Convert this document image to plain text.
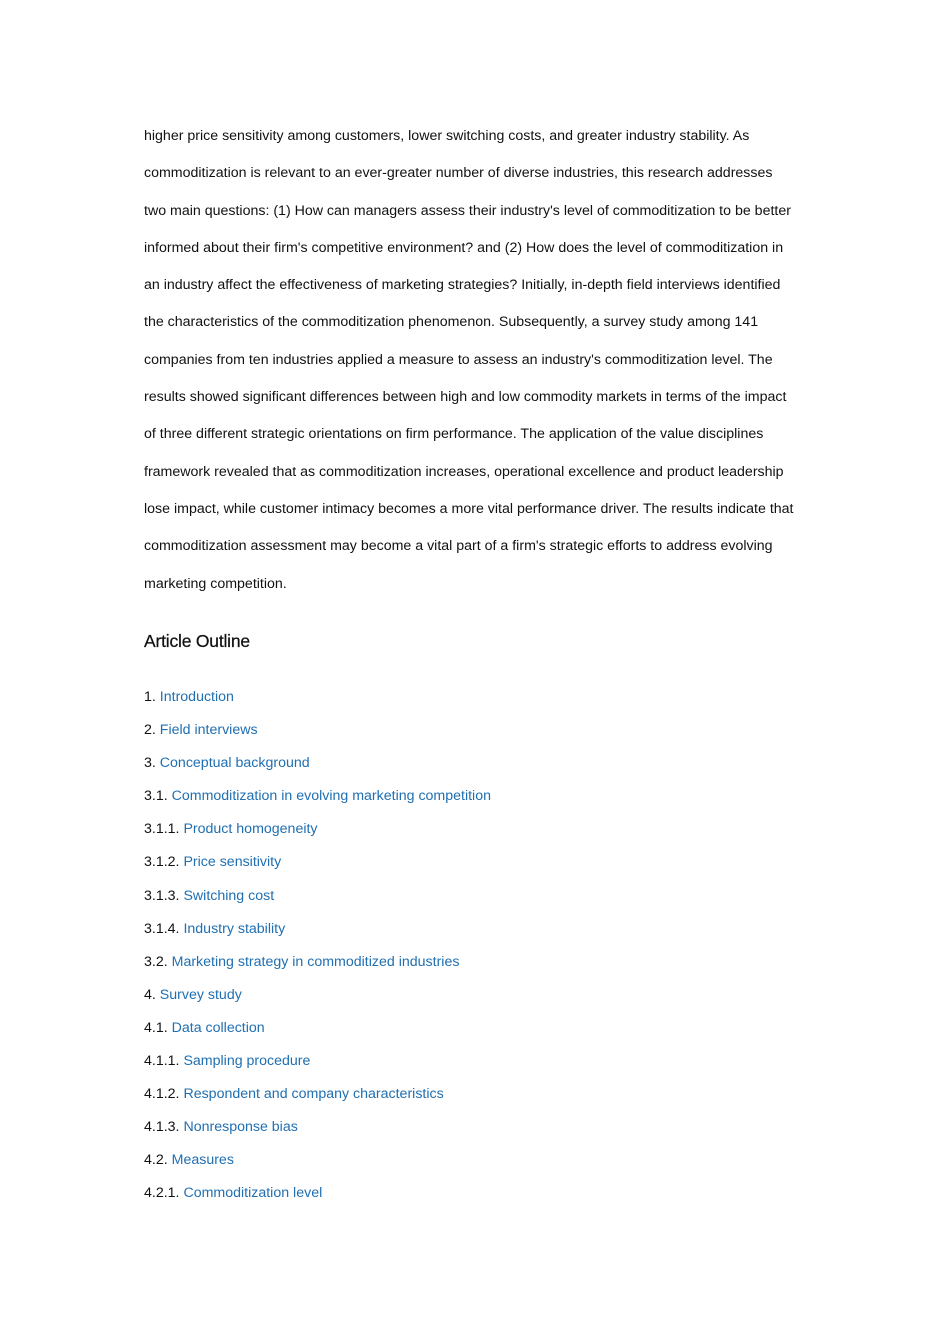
higher price sensitivity among customers, lower switching costs, and greater industry stability. As
commoditization is relevant to an ever-greater number of diverse industries, this research addresses
two main questions: (1) How can managers assess their industry's level of commoditization to be better
informed about their firm's competitive environment? and (2) How does the level of commoditization in
an industry affect the effectiveness of marketing strategies? Initially, in-depth field interviews identified
the characteristics of the commoditization phenomenon. Subsequently, a survey study among 141
companies from ten industries applied a measure to assess an industry's commoditization level. The
results showed significant differences between high and low commodity markets in terms of the impact
of three different strategic orientations on firm performance. The application of the value disciplines
framework revealed that as commoditization increases, operational excellence and product leadership
lose impact, while customer intimacy becomes a more vital performance driver. The results indicate that
commoditization assessment may become a vital part of a firm's strategic efforts to address evolving
marketing competition.
Article Outline
1. Introduction
2. Field interviews
3. Conceptual background
3.1. Commoditization in evolving marketing competition
3.1.1. Product homogeneity
3.1.2. Price sensitivity
3.1.3. Switching cost
3.1.4. Industry stability
3.2. Marketing strategy in commoditized industries
4. Survey study
4.1. Data collection
4.1.1. Sampling procedure
4.1.2. Respondent and company characteristics
4.1.3. Nonresponse bias
4.2. Measures
4.2.1. Commoditization level
